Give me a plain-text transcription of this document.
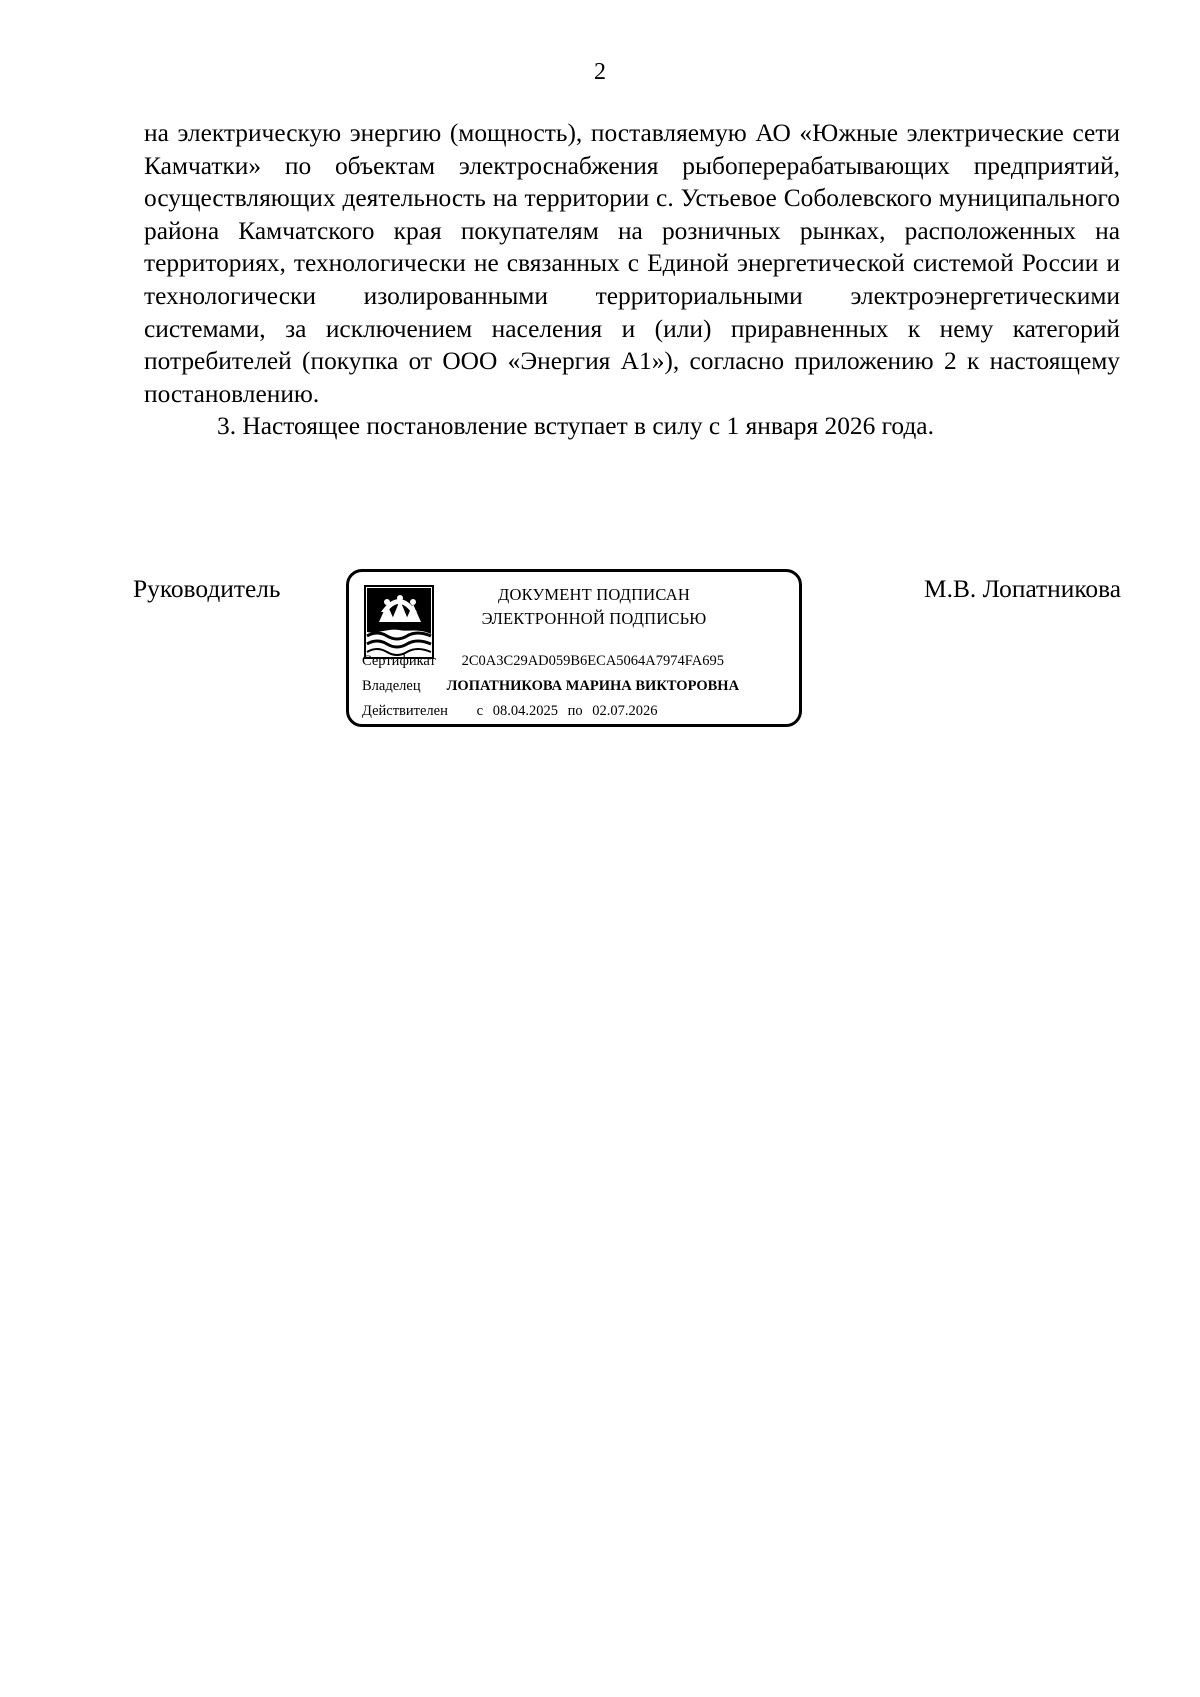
2

на электрическую энергию (мощность), поставляемую АО «Южные электрические сети Камчатки» по объектам электроснабжения рыбоперерабатывающих предприятий, осуществляющих деятельность на территории с. Устьевое Соболевского муниципального района Камчатского края покупателям на розничных рынках, расположенных на территориях, технологически не связанных с Единой энергетической системой России и технологически изолированными территориальными электроэнергетическими системами, за исключением населения и (или) приравненных к нему категорий потребителей (покупка от ООО «Энергия А1»), согласно приложению 2 к настоящему постановлению.

3. Настоящее постановление вступает в силу с 1 января 2026 года.

Руководитель	ДОКУМЕНТ ПОДПИСАН
ЭЛЕКТРОННОЙ ПОДПИСЬЮ
Сертификат 2C0A3C29AD059B6ECA5064A7974FA695
Владелец ЛОПАТНИКОВА МАРИНА ВИКТОРОВНА
Действителен с 08.04.2025 по 02.07.2026
М.В. Лопатникова
